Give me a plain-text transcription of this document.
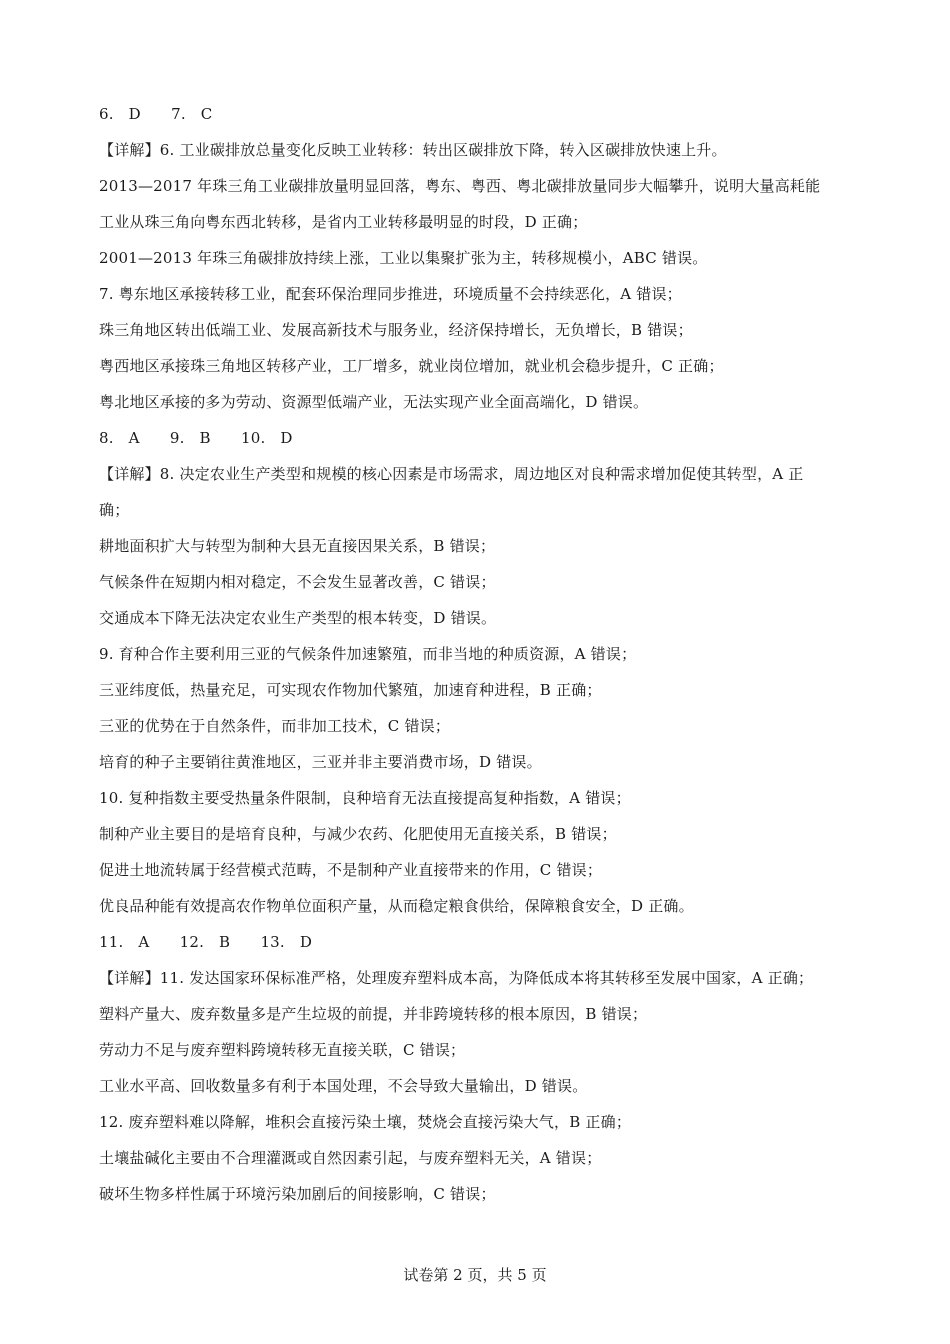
6. D　 7. C
【详解】6. 工业碳排放总量变化反映工业转移：转出区碳排放下降，转入区碳排放快速上升。
2013—2017 年珠三角工业碳排放量明显回落，粤东、粤西、粤北碳排放量同步大幅攀升，说明大量高耗能
工业从珠三角向粤东西北转移，是省内工业转移最明显的时段，D 正确；
2001—2013 年珠三角碳排放持续上涨，工业以集聚扩张为主，转移规模小，ABC 错误。
7. 粤东地区承接转移工业，配套环保治理同步推进，环境质量不会持续恶化，A 错误；
珠三角地区转出低端工业、发展高新技术与服务业，经济保持增长，无负增长，B 错误；
粤西地区承接珠三角地区转移产业，工厂增多，就业岗位增加，就业机会稳步提升，C 正确；
粤北地区承接的多为劳动、资源型低端产业，无法实现产业全面高端化，D 错误。
8. A　 9. B　 10. D
【详解】8. 决定农业生产类型和规模的核心因素是市场需求，周边地区对良种需求增加促使其转型，A 正
确；
耕地面积扩大与转型为制种大县无直接因果关系，B 错误；
气候条件在短期内相对稳定，不会发生显著改善，C 错误；
交通成本下降无法决定农业生产类型的根本转变，D 错误。
9. 育种合作主要利用三亚的气候条件加速繁殖，而非当地的种质资源，A 错误；
三亚纬度低，热量充足，可实现农作物加代繁殖，加速育种进程，B 正确；
三亚的优势在于自然条件，而非加工技术，C 错误；
培育的种子主要销往黄淮地区，三亚并非主要消费市场，D 错误。
10. 复种指数主要受热量条件限制，良种培育无法直接提高复种指数，A 错误；
制种产业主要目的是培育良种，与减少农药、化肥使用无直接关系，B 错误；
促进土地流转属于经营模式范畴，不是制种产业直接带来的作用，C 错误；
优良品种能有效提高农作物单位面积产量，从而稳定粮食供给，保障粮食安全，D 正确。
11. A　 12. B　 13. D
【详解】11. 发达国家环保标准严格，处理废弃塑料成本高，为降低成本将其转移至发展中国家，A 正确；
塑料产量大、废弃数量多是产生垃圾的前提，并非跨境转移的根本原因，B 错误；
劳动力不足与废弃塑料跨境转移无直接关联，C 错误；
工业水平高、回收数量多有利于本国处理，不会导致大量输出，D 错误。
12. 废弃塑料难以降解，堆积会直接污染土壤，焚烧会直接污染大气，B 正确；
土壤盐碱化主要由不合理灌溉或自然因素引起，与废弃塑料无关，A 错误；
破坏生物多样性属于环境污染加剧后的间接影响，C 错误；
试卷第 2 页，共 5 页
